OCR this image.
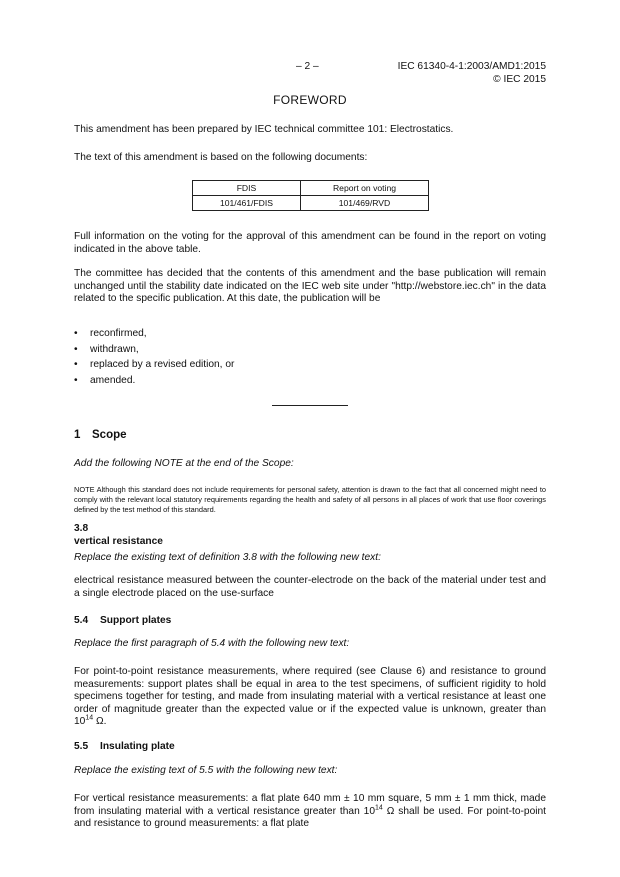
– 2 –	IEC 61340-4-1:2003/AMD1:2015
© IEC 2015
FOREWORD
This amendment has been prepared by IEC technical committee 101: Electrostatics.
The text of this amendment is based on the following documents:
FDIS	Report on voting
101/461/FDIS	101/469/RVD
Full information on the voting for the approval of this amendment can be found in the report on voting indicated in the above table.
The committee has decided that the contents of this amendment and the base publication will remain unchanged until the stability date indicated on the IEC web site under "http://webstore.iec.ch" in the data related to the specific publication. At this date, the publication will be
• reconfirmed,
• withdrawn,
• replaced by a revised edition, or
• amended.
1 Scope
Add the following NOTE at the end of the Scope:
NOTE Although this standard does not include requirements for personal safety, attention is drawn to the fact that all concerned might need to comply with the relevant local statutory requirements regarding the health and safety of all persons in all places of work that use floor coverings defined by the test method of this standard.
3.8
vertical resistance
Replace the existing text of definition 3.8 with the following new text:
electrical resistance measured between the counter-electrode on the back of the material under test and a single electrode placed on the use-surface
5.4 Support plates
Replace the first paragraph of 5.4 with the following new text:
For point-to-point resistance measurements, where required (see Clause 6) and resistance to ground measurements: support plates shall be equal in area to the test specimens, of sufficient rigidity to hold specimens together for testing, and made from insulating material with a vertical resistance at least one order of magnitude greater than the expected value or if the expected value is unknown, greater than $10^{14}$ Ω.
5.5 Insulating plate
Replace the existing text of 5.5 with the following new text:
For vertical resistance measurements: a flat plate 640 mm ± 10 mm square, 5 mm ± 1 mm thick, made from insulating material with a vertical resistance greater than $10^{14}$ Ω shall be used. For point-to-point and resistance to ground measurements: a flat plate
